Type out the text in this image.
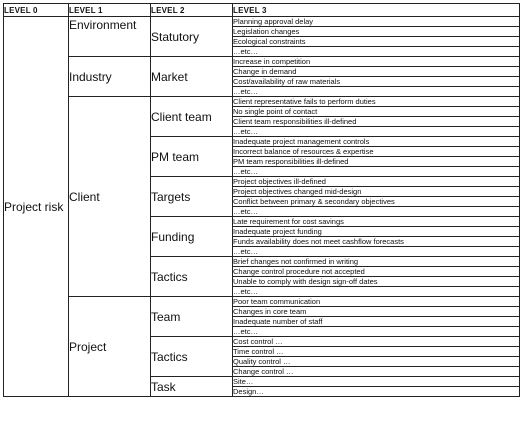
LEVEL 0	LEVEL 1	LEVEL 2	LEVEL 3
Project risk	Environment	Statutory	Planning approval delay
			Legislation changes
			Ecological constraints
			…etc…
	Industry	Market	Increase in competition
			Change in demand
			Cost/availability of raw materials
			…etc…
	Client	Client team	Client representative fails to perform duties
			No single point of contact
			Client team responsibilities ill-defined
			…etc…
		PM team	Inadequate project management controls
			Incorrect balance of resources & expertise
			PM team responsibilities ill-defined
			…etc…
		Targets	Project objectives ill-defined
			Project objectives changed mid-design
			Conflict between primary & secondary objectives
			…etc…
		Funding	Late requirement for cost savings
			Inadequate project funding
			Funds availability does not meet cashflow forecasts
			…etc…
		Tactics	Brief changes not confirmed in writing
			Change control procedure not accepted
			Unable to comply with design sign-off dates
			…etc…
	Project	Team	Poor team communication
			Changes in core team
			Inadequate number of staff
			…etc…
		Tactics	Cost control …
			Time control …
			Quality control …
			Change control …
		Task	Site…
			Design…
